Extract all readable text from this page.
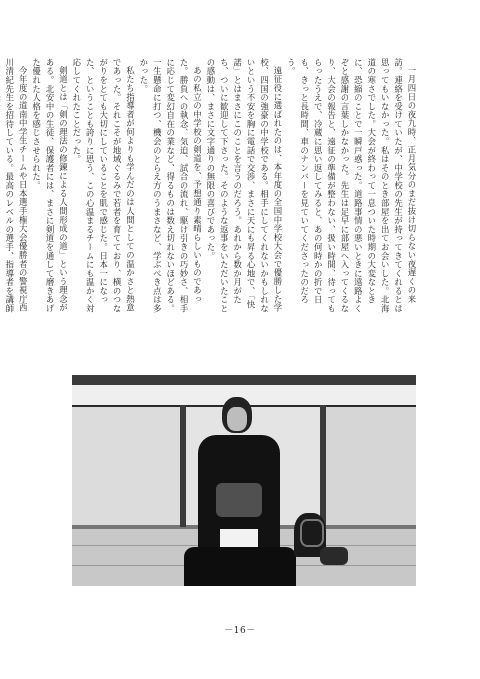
一月四日の夜九時、正月気分のまだ抜け切らない夜遅くの来訪。連絡を受けていたが、中学校の先生が持ってきてくれるとは思ってもいなかった。私はそのとき部屋を出てお会いした。北海道の寒さでした。大会が終わって一息ついた時期の大変なときに、恐縮のことで一瞬戸惑った。道路事情の悪いときに遠路よくぞと感謝の言葉しかなかった。先生は足早に部屋へ入ってくるなり、大会の報告と、遠征の準備が整わない、扱い時間、待ってもらったうえで、冷蔵に思い返してみると、あの何時かの折で日も、きっと長時間、車のナンバーを見ていてくださったのだろう。

遠征役に選ばれたのは、本年度の全国中学校大会で優勝した学校、四国の強豪の中学校である。相手にしてくれないかもしれないという不安を胸に電話で交渉、まさに天にも昇る心地で、「快諾」とはまさにこのことを言うのだろう。あれから数か月がたち、ついに歓迎して下さった。そのような返事をいただいたことの感動は、まさに文字通りの無限の喜びであった。

あの私立の中学校の剣道を、予想通り素晴らしいものであった。勝負への執念、気迫、試合の流れ、駆け引きの巧妙さ、相手に応じて変幻自在の業など、得るものは数え切れないほどある。一生懸命に打つ、機会のとらえ方のうまさなど、学ぶべき点は多かった。

私たち指導者が何よりも学んだのは人間としての温かさと熱意であった。それこそが地域ぐるみで若者を育てており、横のつながりをとても大切にしていることを肌で感じた。日本一になった、ということも誇りに思う、この心温まるチームにも温かく対応してくれたことだった。

剣道とは「剣の理法の修錬による人間形成の道」という理念がある。北安中の生徒、保護者には、まさに剣道を通して磨きあげた優れた人格を感じさせられた。

今年度の道南中学生チームや日本選手権大会優勝者の警視庁西川清紀先生を招待している。最高のレベルの選手、指導者を講師

－16－
